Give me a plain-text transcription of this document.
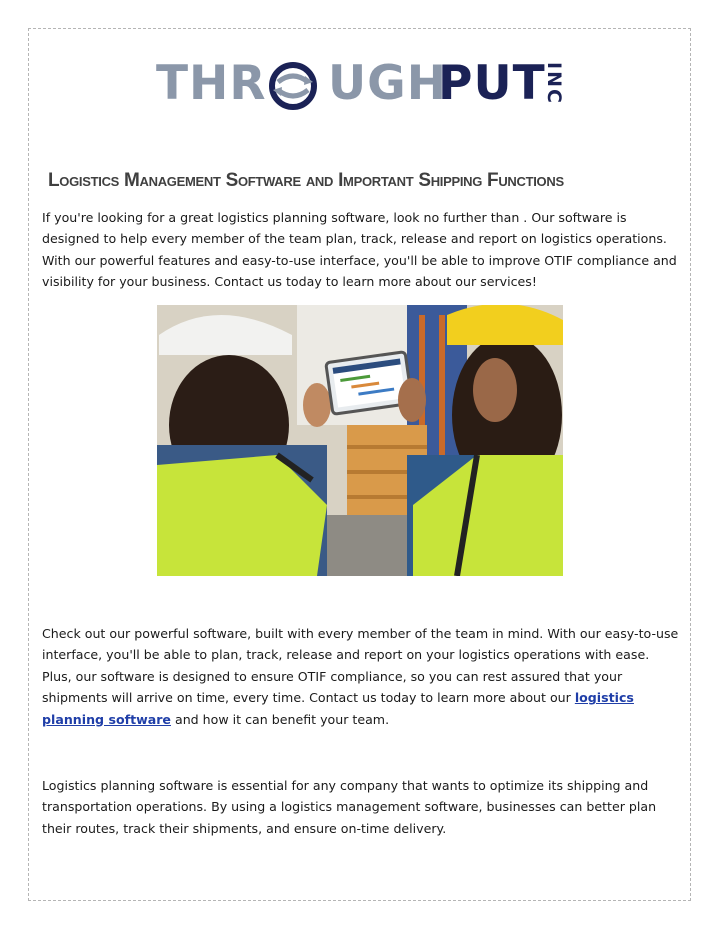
THR UGH
PUT
INC
Logistics Management Software and Important Shipping Functions

If you're looking for a great logistics planning software, look no further than . Our software is designed to help every member of the team plan, track, release and report on logistics operations. With our powerful features and easy-to-use interface, you'll be able to improve OTIF compliance and visibility for your business. Contact us today to learn more about our services!

Check out our powerful software, built with every member of the team in mind. With our easy-to-use interface, you'll be able to plan, track, release and report on your logistics operations with ease. Plus, our software is designed to ensure OTIF compliance, so you can rest assured that your shipments will arrive on time, every time. Contact us today to learn more about our logistics planning software and how it can benefit your team.

Logistics planning software is essential for any company that wants to optimize its shipping and transportation operations. By using a logistics management software, businesses can better plan their routes, track their shipments, and ensure on-time delivery.
